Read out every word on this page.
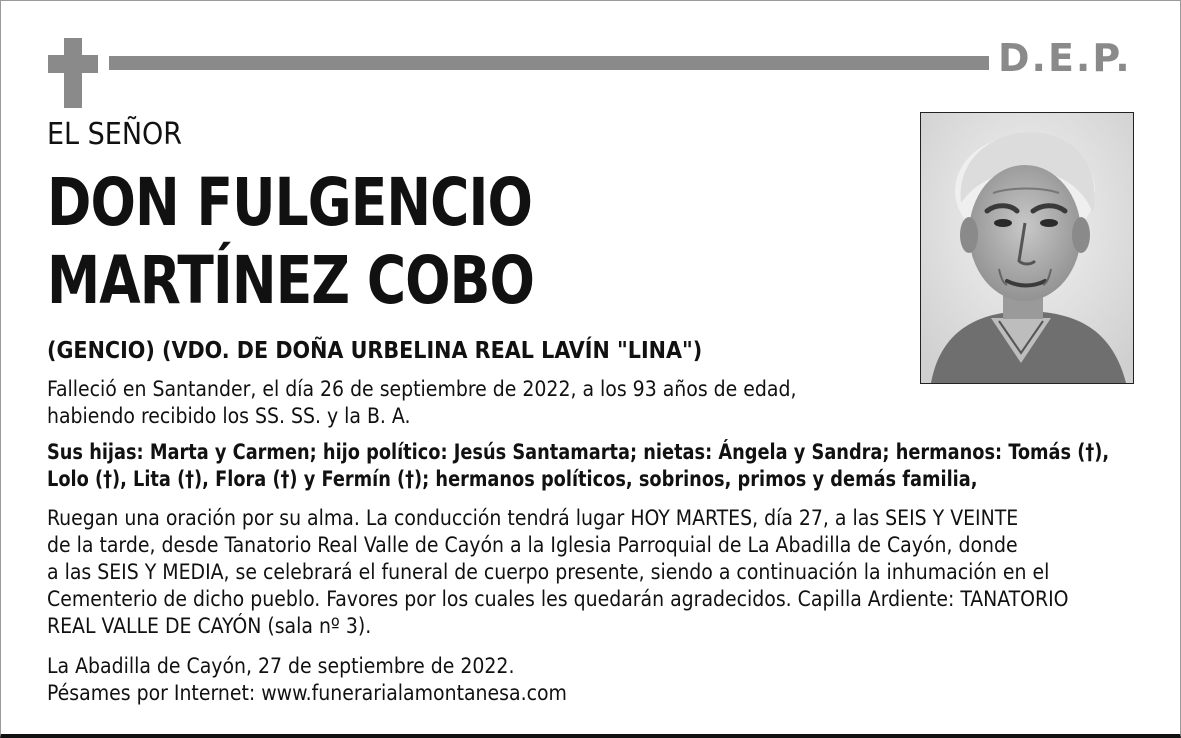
D.E.P.
EL SEÑOR
DON FULGENCIO
MARTÍNEZ COBO
(GENCIO) (VDO. DE DOÑA URBELINA REAL LAVÍN "LINA")
Falleció en Santander, el día 26 de septiembre de 2022, a los 93 años de edad,
habiendo recibido los SS. SS. y la B. A.
Sus hijas: Marta y Carmen; hijo político: Jesús Santamarta; nietas: Ángela y Sandra; hermanos: Tomás (†),
Lolo (†), Lita (†), Flora (†) y Fermín (†); hermanos políticos, sobrinos, primos y demás familia,
Ruegan una oración por su alma. La conducción tendrá lugar HOY MARTES, día 27, a las SEIS Y VEINTE
de la tarde, desde Tanatorio Real Valle de Cayón a la Iglesia Parroquial de La Abadilla de Cayón, donde
a las SEIS Y MEDIA, se celebrará el funeral de cuerpo presente, siendo a continuación la inhumación en el
Cementerio de dicho pueblo. Favores por los cuales les quedarán agradecidos. Capilla Ardiente: TANATORIO
REAL VALLE DE CAYÓN (sala nº 3).
La Abadilla de Cayón, 27 de septiembre de 2022.
Pésames por Internet: www.funerarialamontanesa.com
